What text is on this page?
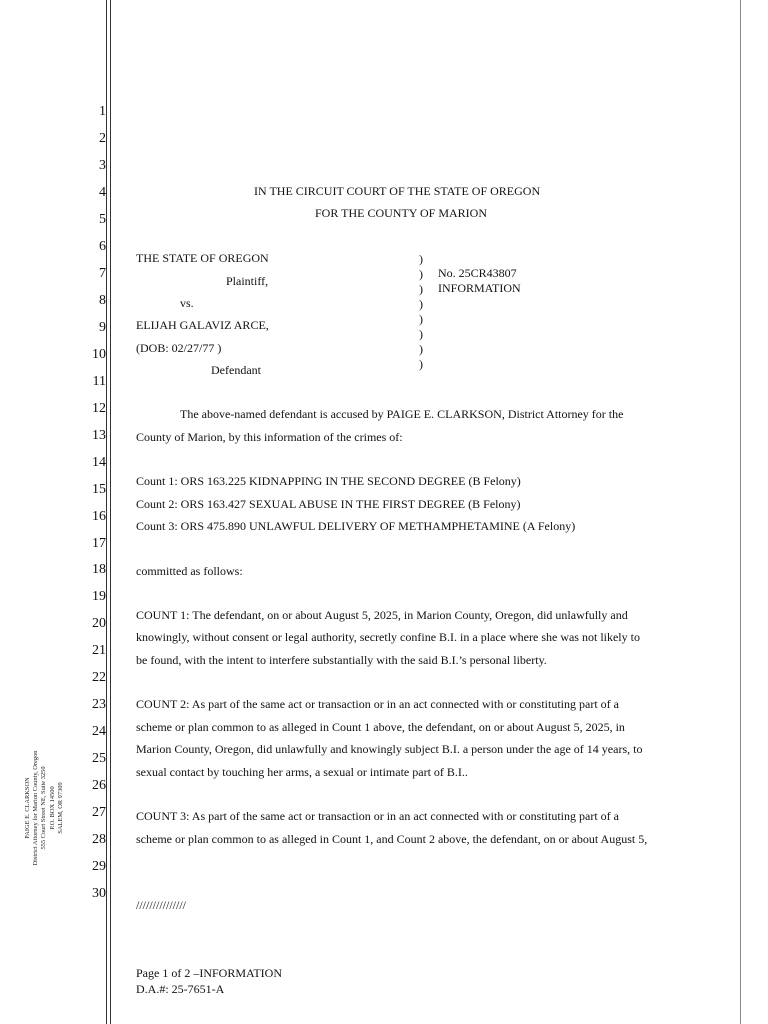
1
2
3
4
5
6
7
8
9
10
11
12
13
14
15
16
17
18
19
20
21
22
23
24
25
26
27
28
29
30
PAIGE E. CLARKSON District Attorney for Marion County, Oregon 555 Court Street NE, Suite 3250 P.O. BOX 14500 SALEM, OR 97309
IN THE CIRCUIT COURT OF THE STATE OF OREGON
FOR THE COUNTY OF MARION
THE STATE OF OREGON
Plaintiff,
vs.
ELIJAH GALAVIZ ARCE,
(DOB: 02/27/77 )
Defendant
)
)
)
)
)
)
)
)
No. 25CR43807
INFORMATION
The above-named defendant is accused by PAIGE E. CLARKSON, District Attorney for the
County of Marion, by this information of the crimes of:
Count 1: ORS 163.225 KIDNAPPING IN THE SECOND DEGREE (B Felony)
Count 2: ORS 163.427 SEXUAL ABUSE IN THE FIRST DEGREE (B Felony)
Count 3: ORS 475.890 UNLAWFUL DELIVERY OF METHAMPHETAMINE (A Felony)
committed as follows:
COUNT 1: The defendant, on or about August 5, 2025, in Marion County, Oregon, did unlawfully and
knowingly, without consent or legal authority, secretly confine B.I. in a place where she was not likely to
be found, with the intent to interfere substantially with the said B.I.’s personal liberty.
COUNT 2: As part of the same act or transaction or in an act connected with or constituting part of a
scheme or plan common to as alleged in Count 1 above, the defendant, on or about August 5, 2025, in
Marion County, Oregon, did unlawfully and knowingly subject B.I. a person under the age of 14 years, to
sexual contact by touching her arms, a sexual or intimate part of B.I..
COUNT 3: As part of the same act or transaction or in an act connected with or constituting part of a
scheme or plan common to as alleged in Count 1, and Count 2 above, the defendant, on or about August 5,
///////////////
Page 1 of 2 –INFORMATION
D.A.#: 25-7651-A
